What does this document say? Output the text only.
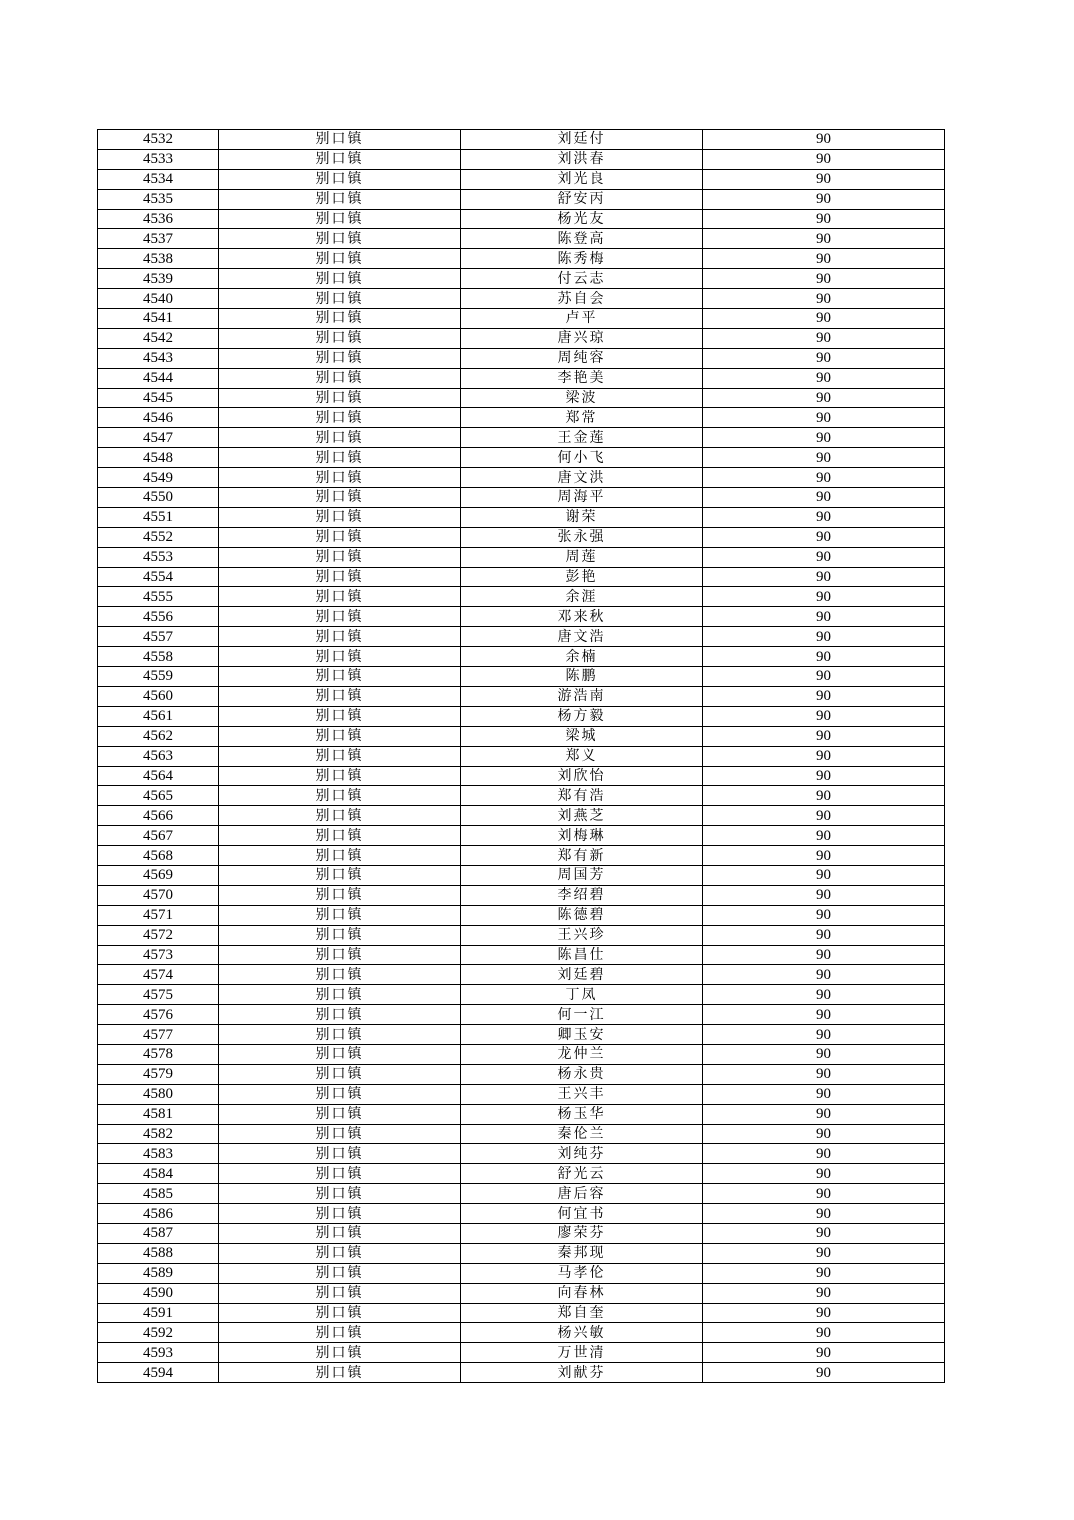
4532	别口镇	刘廷付	90
4533	别口镇	刘洪春	90
4534	别口镇	刘光良	90
4535	别口镇	舒安丙	90
4536	别口镇	杨光友	90
4537	别口镇	陈登高	90
4538	别口镇	陈秀梅	90
4539	别口镇	付云志	90
4540	别口镇	苏自会	90
4541	别口镇	卢平	90
4542	别口镇	唐兴琼	90
4543	别口镇	周纯容	90
4544	别口镇	李艳美	90
4545	别口镇	梁波	90
4546	别口镇	郑常	90
4547	别口镇	王金莲	90
4548	别口镇	何小飞	90
4549	别口镇	唐文洪	90
4550	别口镇	周海平	90
4551	别口镇	谢荣	90
4552	别口镇	张永强	90
4553	别口镇	周莲	90
4554	别口镇	彭艳	90
4555	别口镇	余涯	90
4556	别口镇	邓来秋	90
4557	别口镇	唐文浩	90
4558	别口镇	余楠	90
4559	别口镇	陈鹏	90
4560	别口镇	游浩南	90
4561	别口镇	杨方毅	90
4562	别口镇	梁城	90
4563	别口镇	郑义	90
4564	别口镇	刘欣怡	90
4565	别口镇	郑有浩	90
4566	别口镇	刘燕芝	90
4567	别口镇	刘梅琳	90
4568	别口镇	郑有新	90
4569	别口镇	周国芳	90
4570	别口镇	李绍碧	90
4571	别口镇	陈德碧	90
4572	别口镇	王兴珍	90
4573	别口镇	陈昌仕	90
4574	别口镇	刘廷碧	90
4575	别口镇	丁凤	90
4576	别口镇	何一江	90
4577	别口镇	卿玉安	90
4578	别口镇	龙仲兰	90
4579	别口镇	杨永贵	90
4580	别口镇	王兴丰	90
4581	别口镇	杨玉华	90
4582	别口镇	秦伦兰	90
4583	别口镇	刘纯芬	90
4584	别口镇	舒光云	90
4585	别口镇	唐后容	90
4586	别口镇	何宜书	90
4587	别口镇	廖荣芬	90
4588	别口镇	秦邦现	90
4589	别口镇	马孝伦	90
4590	别口镇	向春林	90
4591	别口镇	郑自奎	90
4592	别口镇	杨兴敏	90
4593	别口镇	万世清	90
4594	别口镇	刘献芬	90
